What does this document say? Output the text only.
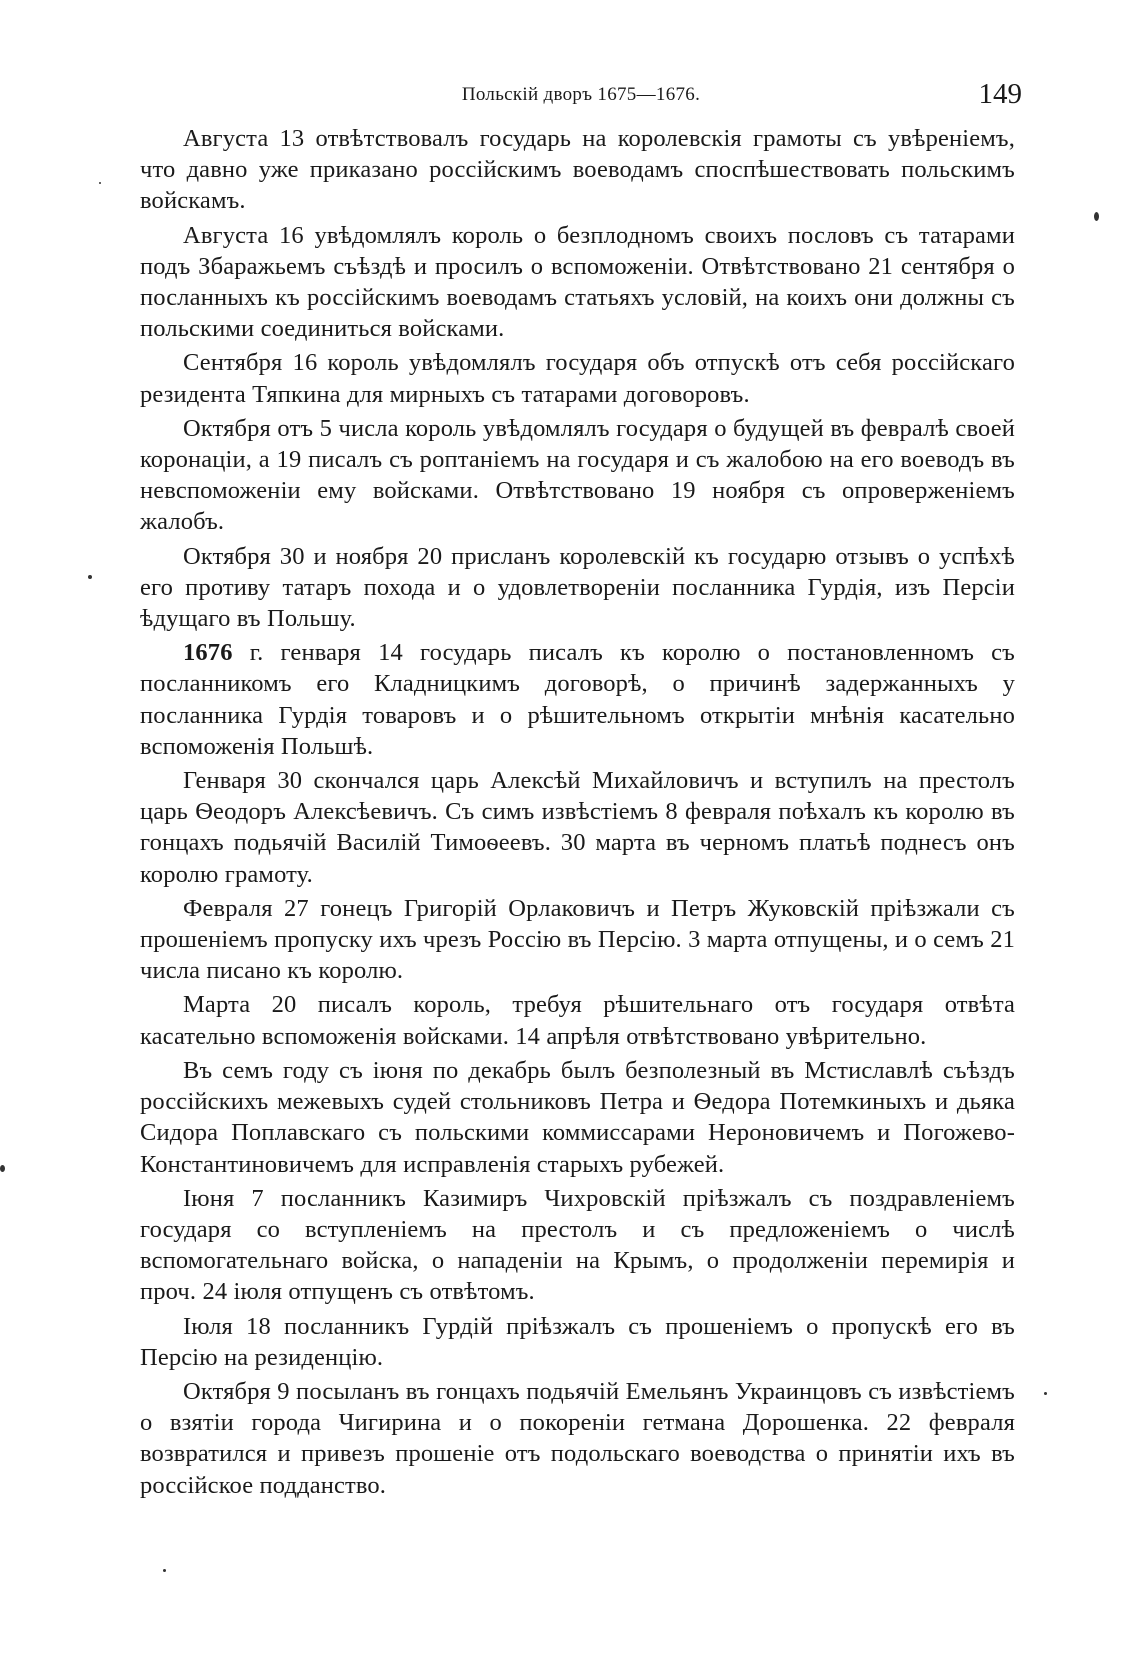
Польскій дворъ 1675—1676.	149

Августа 13 отвѣтствовалъ государь на королевскія грамоты съ увѣреніемъ, что давно уже приказано россійскимъ воеводамъ споспѣшествовать польскимъ войскамъ.

Августа 16 увѣдомлялъ король о безплодномъ своихъ пословъ съ татарами подъ Збаражьемъ съѣздѣ и просилъ о вспоможеніи. Отвѣтствовано 21 сентября о посланныхъ къ россійскимъ воеводамъ статьяхъ условій, на коихъ они должны съ польскими соединиться войсками.

Сентября 16 король увѣдомлялъ государя объ отпускѣ отъ себя россійскаго резидента Тяпкина для мирныхъ съ татарами договоровъ.

Октября отъ 5 числа король увѣдомлялъ государя о будущей въ февралѣ своей коронаціи, а 19 писалъ съ роптаніемъ на государя и съ жалобою на его воеводъ въ невспоможеніи ему войсками. Отвѣтствовано 19 ноября съ опроверженіемъ жалобъ.

Октября 30 и ноября 20 присланъ королевскій къ государю отзывъ о успѣхѣ его противу татаръ похода и о удовлетвореніи посланника Гурдія, изъ Персіи ѣдущаго въ Польшу.

1676 г. генваря 14 государь писалъ къ королю о постановленномъ съ посланникомъ его Кладницкимъ договорѣ, о причинѣ задержанныхъ у посланника Гурдія товаровъ и о рѣшительномъ открытіи мнѣнія касательно вспоможенія Польшѣ.

Генваря 30 скончался царь Алексѣй Михайловичъ и вступилъ на престолъ царь Ѳеодоръ Алексѣевичъ. Съ симъ извѣстіемъ 8 февраля поѣхалъ къ королю въ гонцахъ подьячій Василій Тимоѳеевъ. 30 марта въ черномъ платьѣ поднесъ онъ королю грамоту.

Февраля 27 гонецъ Григорій Орлаковичъ и Петръ Жуковскій пріѣзжали съ прошеніемъ пропуску ихъ чрезъ Россію въ Персію. 3 марта отпущены, и о семъ 21 числа писано къ королю.

Марта 20 писалъ король, требуя рѣшительнаго отъ государя отвѣта касательно вспоможенія войсками. 14 апрѣля отвѣтствовано увѣрительно.

Въ семъ году съ іюня по декабрь былъ безполезный въ Мстиславлѣ съѣздъ россійскихъ межевыхъ судей стольниковъ Петра и Ѳедора Потемкиныхъ и дьяка Сидора Поплавскаго съ польскими коммиссарами Нероновичемъ и Погожево-Константиновичемъ для исправленія старыхъ рубежей.

Іюня 7 посланникъ Казимиръ Чихровскій пріѣзжалъ съ поздравленіемъ государя со вступленіемъ на престолъ и съ предложеніемъ о числѣ вспомогательнаго войска, о нападеніи на Крымъ, о продолженіи перемирія и проч. 24 іюля отпущенъ съ отвѣтомъ.

Іюля 18 посланникъ Гурдій пріѣзжалъ съ прошеніемъ о пропускѣ его въ Персію на резиденцію.

Октября 9 посыланъ въ гонцахъ подьячій Емельянъ Украинцовъ съ извѣстіемъ о взятіи города Чигирина и о покореніи гетмана Дорошенка. 22 февраля возвратился и привезъ прошеніе отъ подольскаго воеводства о принятіи ихъ въ россійское подданство.
